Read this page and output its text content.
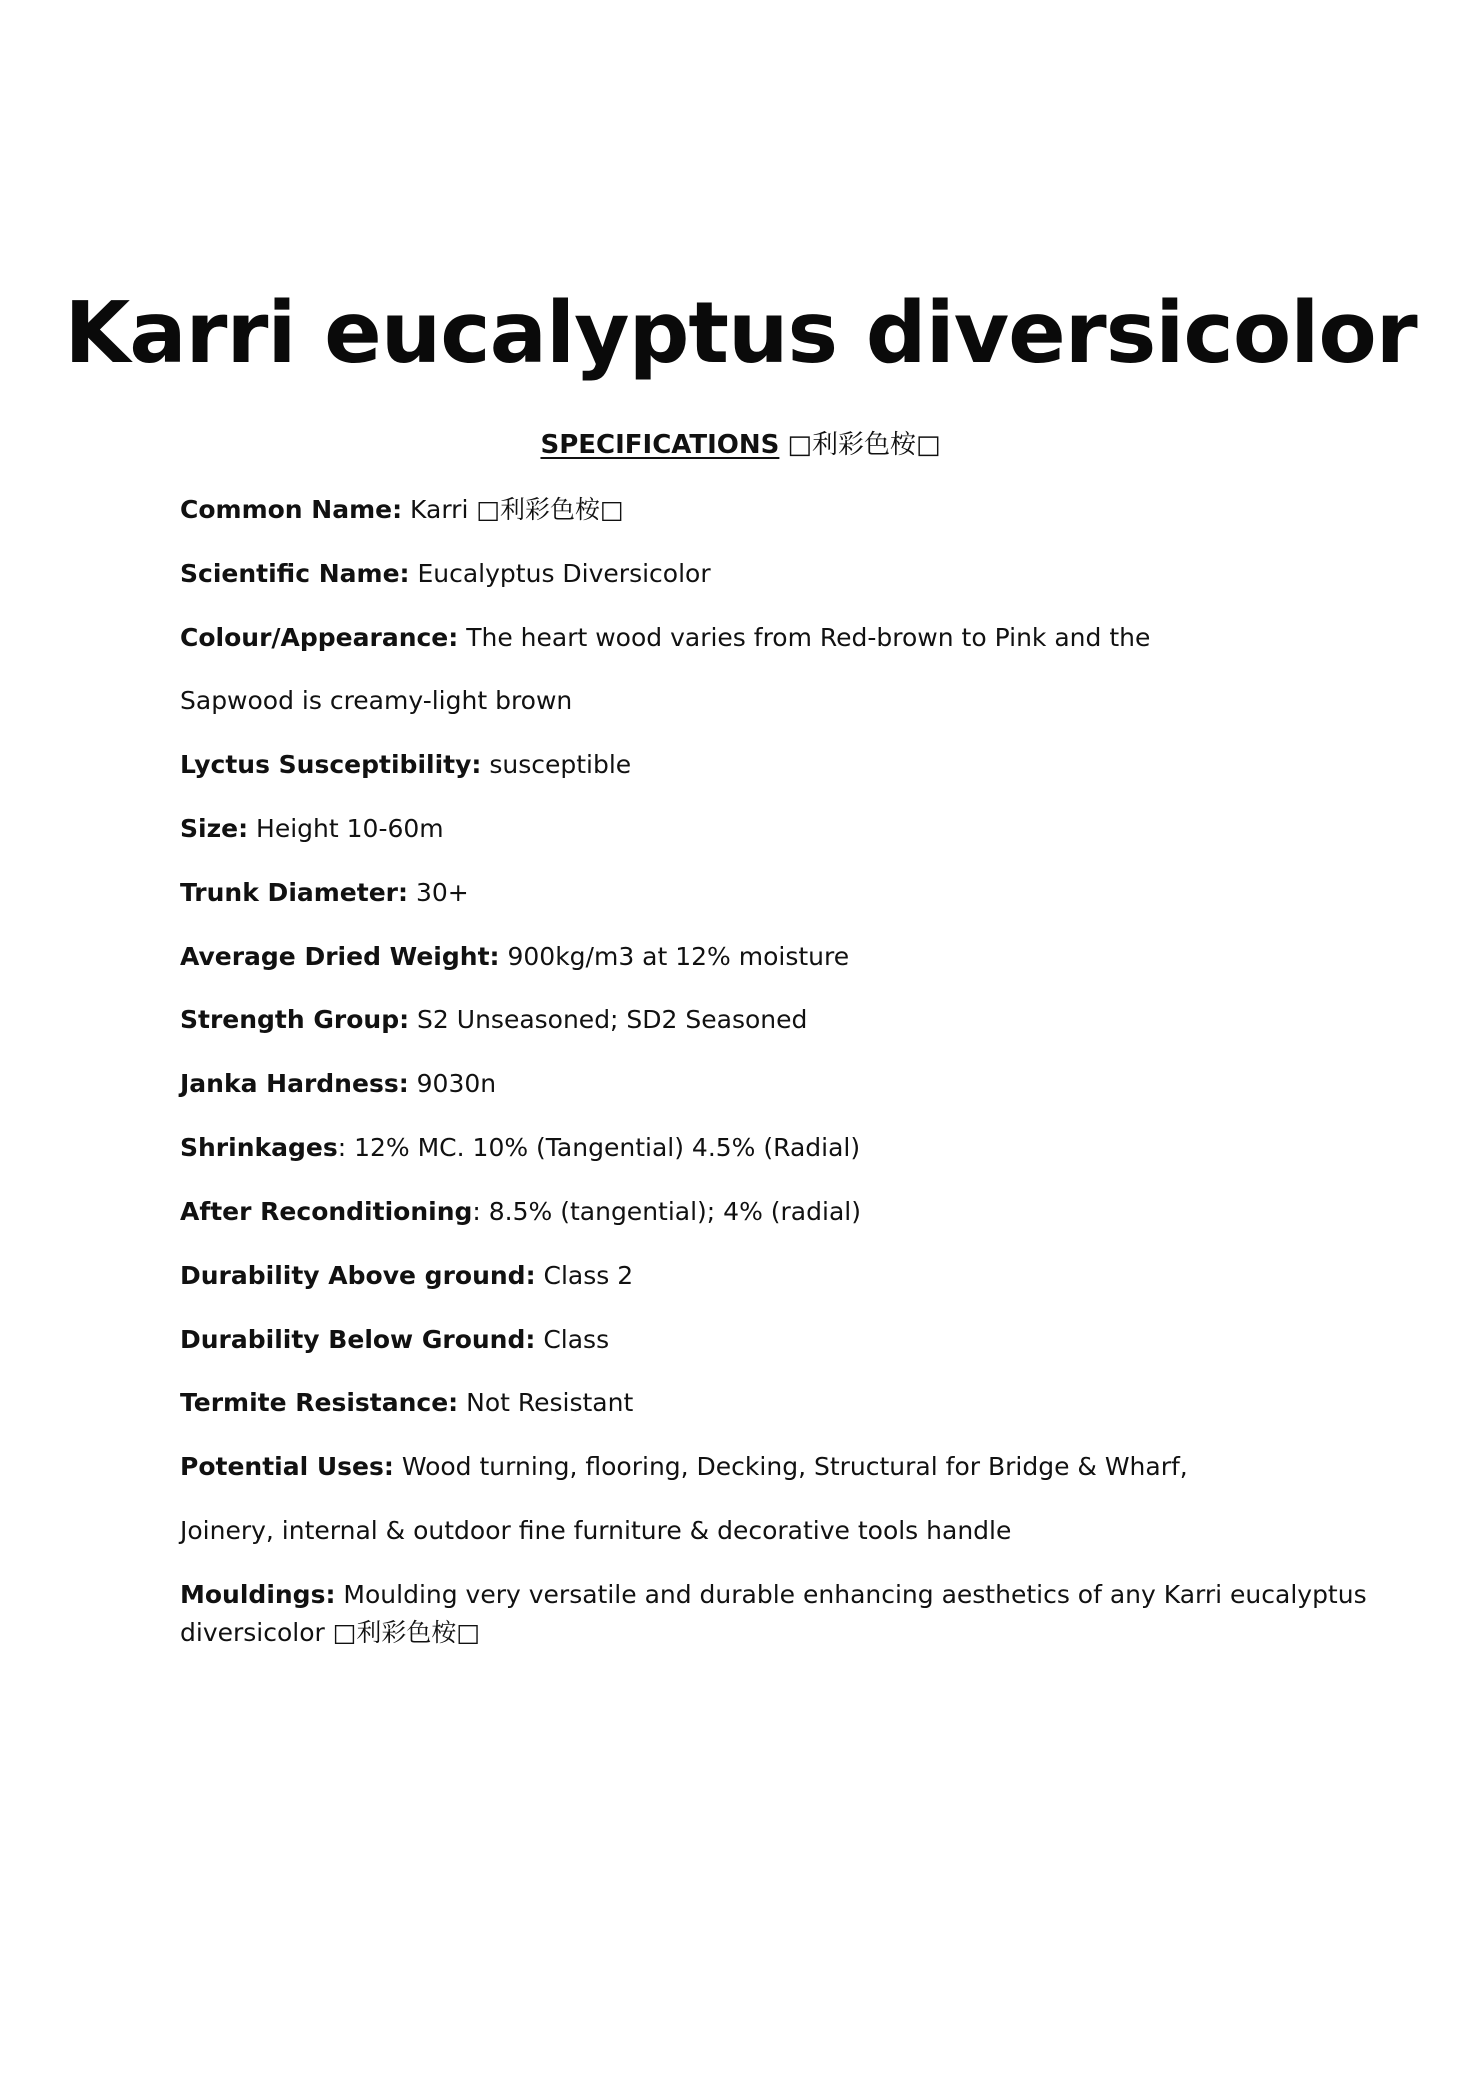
Karri eucalyptus diversicolor
SPECIFICATIONS □利彩色桉□
Common Name: Karri □利彩色桉□
Scientific Name: Eucalyptus Diversicolor
Colour/Appearance: The heart wood varies from Red-brown to Pink and the
Sapwood is creamy-light brown
Lyctus Susceptibility: susceptible
Size: Height 10-60m
Trunk Diameter: 30+
Average Dried Weight: 900kg/m3 at 12% moisture
Strength Group: S2 Unseasoned; SD2 Seasoned
Janka Hardness: 9030n
Shrinkages: 12% MC. 10% (Tangential) 4.5% (Radial)
After Reconditioning: 8.5% (tangential); 4% (radial)
Durability Above ground: Class 2
Durability Below Ground: Class
Termite Resistance: Not Resistant
Potential Uses: Wood turning, flooring, Decking, Structural for Bridge & Wharf,
Joinery, internal & outdoor fine furniture & decorative tools handle
Mouldings: Moulding very versatile and durable enhancing aesthetics of any Karri eucalyptus diversicolor □利彩色桉□
